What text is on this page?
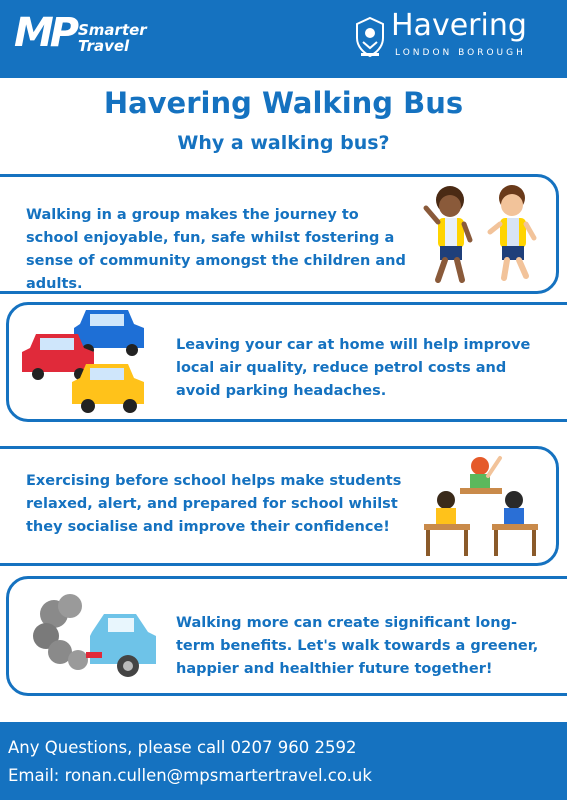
MP Smarter
Travel
Havering
LONDON BOROUGH
Havering Walking Bus
Why a walking bus?
Walking in a group makes the journey to school enjoyable, fun, safe whilst fostering a sense of community amongst the children and adults.
Leaving your car at home will help improve local air quality, reduce petrol costs and avoid parking headaches.
Exercising before school helps make students relaxed, alert, and prepared for school whilst they socialise and improve their confidence!
Walking more can create significant long-term benefits. Let's walk towards a greener, happier and healthier future together!
Any Questions, please call 0207 960 2592
Email: ronan.cullen@mpsmartertravel.co.uk
